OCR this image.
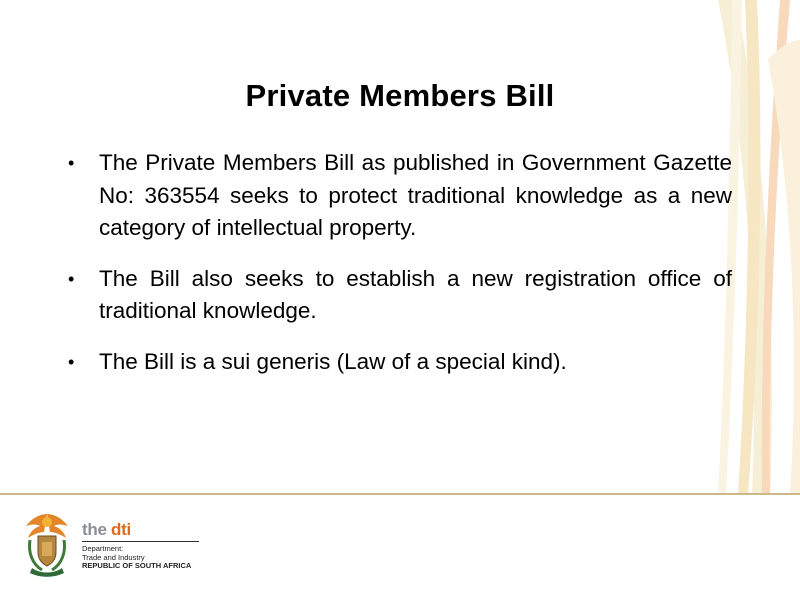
Private Members Bill
• The Private Members Bill as published in Government Gazette No: 363554 seeks to protect traditional knowledge as a new category of intellectual property.
• The Bill also seeks to establish a new registration office of traditional knowledge.
• The Bill is a sui generis (Law of a special kind).
the dti
Department:
Trade and Industry
REPUBLIC OF SOUTH AFRICA
